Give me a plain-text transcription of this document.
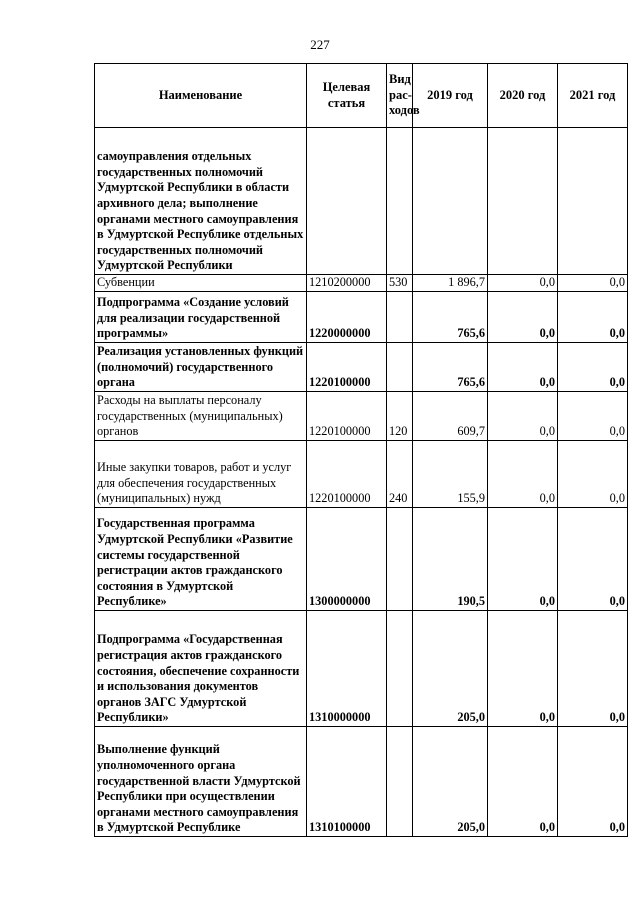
227
Наименование	Целевая статья	Вид рас-ходов	2019 год	2020 год	2021 год
самоуправления отдельных государственных полномочий Удмуртской Республики в области архивного дела; выполнение органами местного самоуправления в Удмуртской Республике отдельных государственных полномочий Удмуртской Республики					
Субвенции	1210200000	530	1 896,7	0,0	0,0
Подпрограмма «Создание условий для реализации государственной программы»	1220000000		765,6	0,0	0,0
Реализация установленных функций (полномочий) государственного органа	1220100000		765,6	0,0	0,0
Расходы на выплаты персоналу государственных (муниципальных) органов	1220100000	120	609,7	0,0	0,0
Иные закупки товаров, работ и услуг для обеспечения государственных (муниципальных) нужд	1220100000	240	155,9	0,0	0,0
Государственная программа Удмуртской Республики «Развитие системы государственной регистрации актов гражданского состояния в Удмуртской Республике»	1300000000		190,5	0,0	0,0
Подпрограмма «Государственная регистрация актов гражданского состояния, обеспечение сохранности и использования документов органов ЗАГС Удмуртской Республики»	1310000000		205,0	0,0	0,0
Выполнение функций уполномоченного органа государственной власти Удмуртской Республики при осуществлении органами местного самоуправления в Удмуртской Республике	1310100000		205,0	0,0	0,0
